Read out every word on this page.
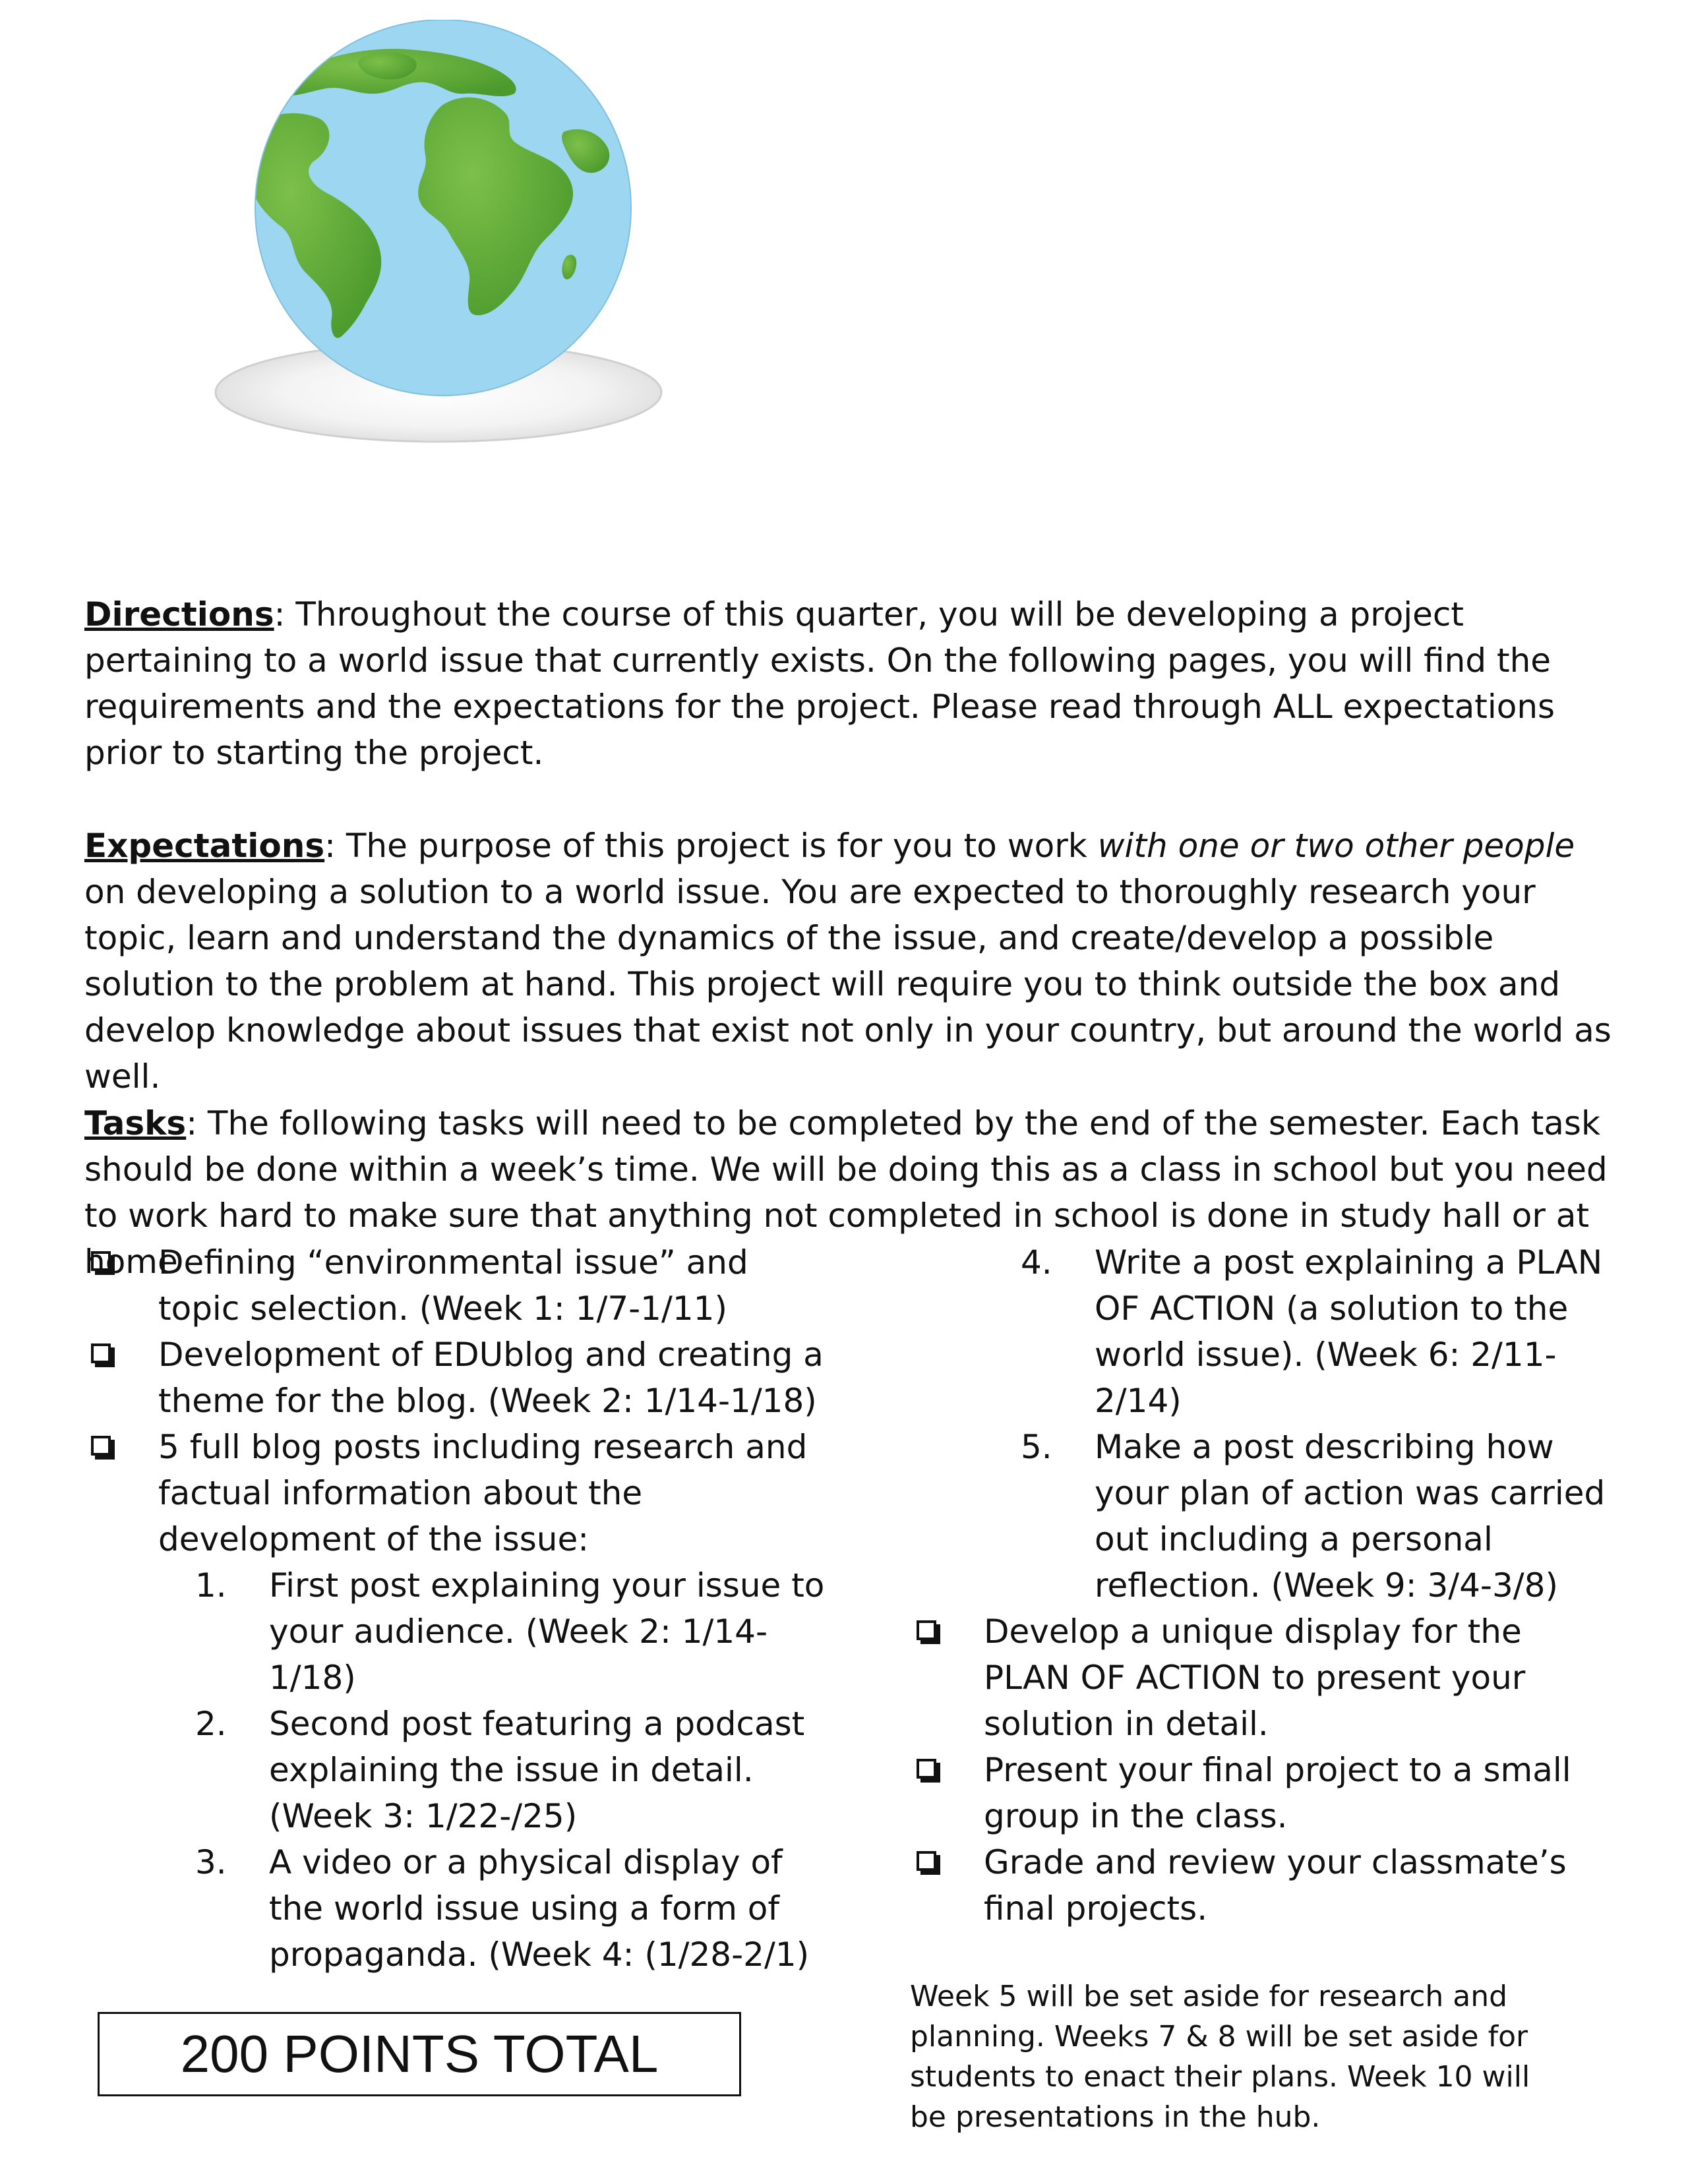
Directions: Throughout the course of this quarter, you will be developing a project pertaining to a world issue that currently exists. On the following pages, you will find the requirements and the expectations for the project. Please read through ALL expectations prior to starting the project.
Expectations: The purpose of this project is for you to work with one or two other people on developing a solution to a world issue. You are expected to thoroughly research your topic, learn and understand the dynamics of the issue, and create/develop a possible solution to the problem at hand. This project will require you to think outside the box and develop knowledge about issues that exist not only in your country, but around the world as well.
Tasks: The following tasks will need to be completed by the end of the semester. Each task should be done within a week’s time. We will be doing this as a class in school but you need to work hard to make sure that anything not completed in school is done in study hall or at home
Defining “environmental issue” and topic selection. (Week 1: 1/7-1/11)
Development of EDUblog and creating a theme for the blog. (Week 2: 1/14-1/18)
5 full blog posts including research and factual information about the development of the issue:
1. First post explaining your issue to your audience. (Week 2: 1/14-1/18)
2. Second post featuring a podcast explaining the issue in detail. (Week 3: 1/22-/25)
3. A video or a physical display of the world issue using a form of propaganda. (Week 4: (1/28-2/1)
4. Write a post explaining a PLAN OF ACTION (a solution to the world issue). (Week 6: 2/11-2/14)
5. Make a post describing how your plan of action was carried out including a personal reflection. (Week 9: 3/4-3/8)
Develop a unique display for the PLAN OF ACTION to present your solution in detail.
Present your final project to a small group in the class.
Grade and review your classmate’s final projects.
200 POINTS TOTAL
Week 5 will be set aside for research and planning. Weeks 7 & 8 will be set aside for students to enact their plans. Week 10 will be presentations in the hub.
